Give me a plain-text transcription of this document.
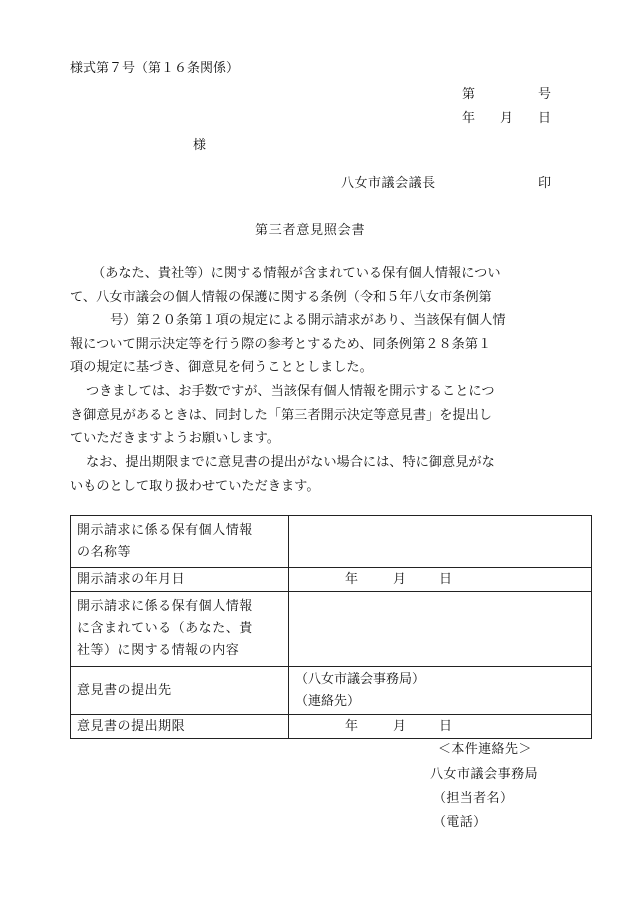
様式第７号（第１６条関係）
第	号
年 月 日
様
八女市議会議長	印
第三者意見照会書
（あなた、貴社等）に関する情報が含まれている保有個人情報につい
て、八女市議会の個人情報の保護に関する条例（令和５年八女市条例第
号）第２０条第１項の規定による開示請求があり、当該保有個人情
報について開示決定等を行う際の参考とするため、同条例第２８条第１
項の規定に基づき、御意見を伺うこととしました。
つきましては、お手数ですが、当該保有個人情報を開示することにつ
き御意見があるときは、同封した「第三者開示決定等意見書」を提出し
ていただきますようお願いします。
なお、提出期限までに意見書の提出がない場合には、特に御意見がな
いものとして取り扱わせていただきます。
開示請求に係る保有個人情報
の名称等	

開示請求の年月日	年 月 日

開示請求に係る保有個人情報
に含まれている（あなた、貴
社等）に関する情報の内容	

意見書の提出先	（八女市議会事務局）
（連絡先）

意見書の提出期限	年 月 日
＜本件連絡先＞
八女市議会事務局
（担当者名）
（電話）
